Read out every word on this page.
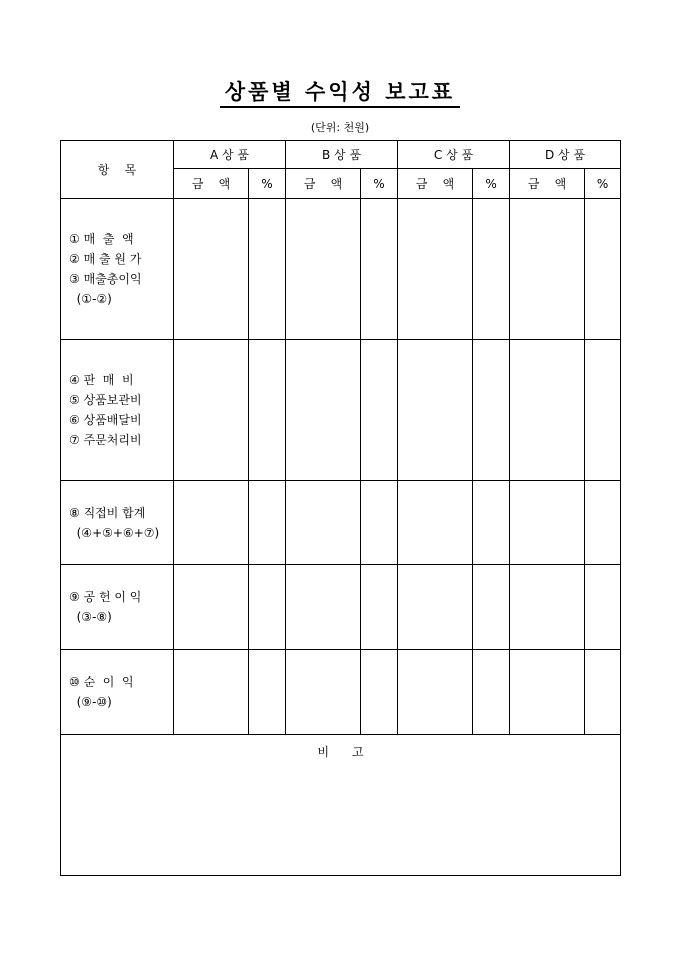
상품별 수익성 보고표
(단위: 천원)
항    목	A 상 품		B 상 품		C 상 품		D 상 품	
	금    액	%	금    액	%	금    액	%	금    액	%

① 매  출  액
② 매 출 원 가
③ 매출총이익
(①-②)								

④ 판  매  비
⑤ 상품보관비
⑥ 상품배달비
⑦ 주문처리비								

⑧ 직접비 합계
(④+⑤+⑥+⑦)								

⑨ 공 헌 이 익
(③-⑧)								

⑩ 순  이  익
(⑨-⑩)								

비      고								
